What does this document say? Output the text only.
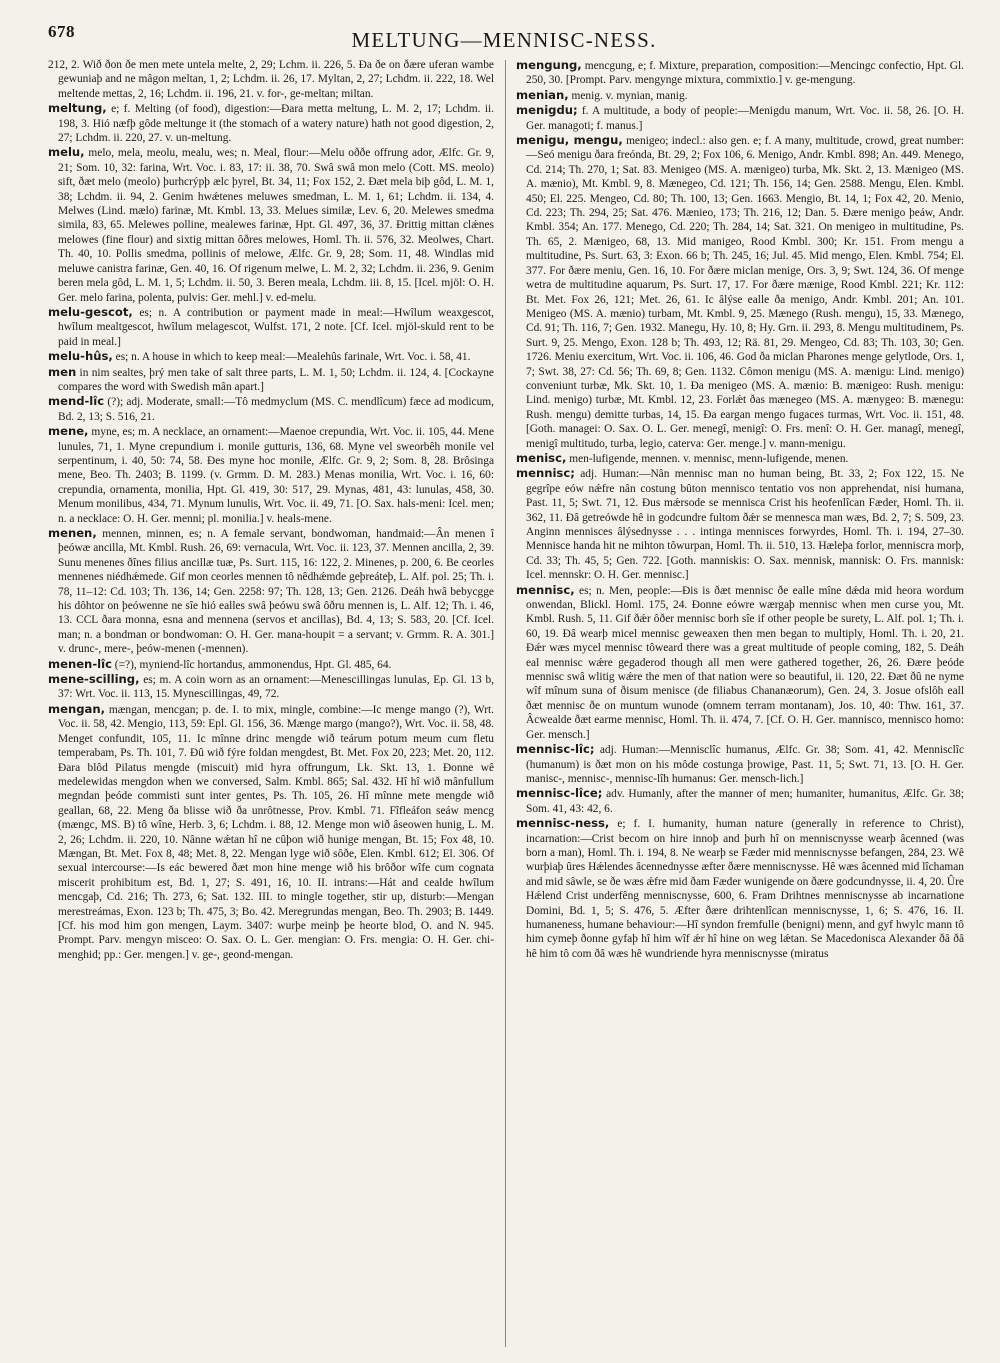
678	MELTUNG—MENNISC-NESS.

212, 2. Wið ðon ðe men mete untela melte, 2, 29; Lchm. ii. 226, 5. Ða ðe on ðære uferan wambe gewuniaþ and ne mâgon meltan, 1, 2; Lchdm. ii. 26, 17. Myltan, 2, 27; Lchdm. ii. 222, 18. Wel meltende mettas, 2, 16; Lchdm. ii. 196, 21. v. for-, ge-meltan; miltan.

meltung, e; f. Melting (of food), digestion:—Ðara metta meltung, L. M. 2, 17; Lchdm. ii. 198, 3. Hió næfþ gôde meltunge it (the stomach of a watery nature) hath not good digestion, 2, 27; Lchdm. ii. 220, 27. v. un-meltung.

melu, melo, mela, meolu, mealu, wes; n. Meal, flour:—Melu oððe offrung ador, Ælfc. Gr. 9, 21; Som. 10, 32: farina, Wrt. Voc. i. 83, 17: ii. 38, 70. Swâ swâ mon melo (Cott. MS. meolo) sift, ðæt melo (meolo) þurhcrýpþ ælc þyrel, Bt. 34, 11; Fox 152, 2. Ðæt mela biþ gôd, L. M. 1, 38; Lchdm. ii. 94, 2. Genim hwǽtenes meluwes smedman, L. M. 1, 61; Lchdm. ii. 134, 4. Melwes (Lind. mælo) farinæ, Mt. Kmbl. 13, 33. Melues similæ, Lev. 6, 20. Melewes smedma simila, 83, 65. Melewes polline, mealewes farinæ, Hpt. Gl. 497, 36, 37. Ðrittig mittan clǽnes melowes (fine flour) and sixtig mittan ôðres melowes, Homl. Th. ii. 576, 32. Meolwes, Chart. Th. 40, 10. Pollis smedma, pollinis of melowe, Ælfc. Gr. 9, 28; Som. 11, 48. Windlas mid meluwe canistra farinæ, Gen. 40, 16. Of rigenum melwe, L. M. 2, 32; Lchdm. ii. 236, 9. Genim beren mela gôd, L. M. 1, 5; Lchdm. ii. 50, 3. Beren meala, Lchdm. iii. 8, 15. [Icel. mjöl: O. H. Ger. melo farina, polenta, pulvis: Ger. mehl.] v. ed-melu.

melu-gescot, es; n. A contribution or payment made in meal:—Hwîlum weaxgescot, hwîlum mealtgescot, hwîlum melagescot, Wulfst. 171, 2 note. [Cf. Icel. mjöl-skuld rent to be paid in meal.]

melu-hûs, es; n. A house in which to keep meal:—Mealehûs farinale, Wrt. Voc. i. 58, 41.

men in nim sealtes, þrý men take of salt three parts, L. M. 1, 50; Lchdm. ii. 124, 4. [Cockayne compares the word with Swedish mân apart.]

mend-lîc (?); adj. Moderate, small:—Tô medmyclum (MS. C. mendlîcum) fæce ad modicum, Bd. 2, 13; S. 516, 21.

mene, myne, es; m. A necklace, an ornament:—Maenoe crepundia, Wrt. Voc. ii. 105, 44. Mene lunules, 71, 1. Myne crepundium i. monile gutturis, 136, 68. Myne vel sweorbêh monile vel serpentinum, i. 40, 50: 74, 58. Ðes myne hoc monile, Ælfc. Gr. 9, 2; Som. 8, 28. Brôsinga mene, Beo. Th. 2403; B. 1199. (v. Grmm. D. M. 283.) Menas monilia, Wrt. Voc. i. 16, 60: crepundia, ornamenta, monilia, Hpt. Gl. 419, 30: 517, 29. Mynas, 481, 43: lunulas, 458, 30. Menum monilibus, 434, 71. Mynum lunulis, Wrt. Voc. ii. 49, 71. [O. Sax. hals-meni: Icel. men; n. a necklace: O. H. Ger. menni; pl. monilia.] v. heals-mene.

menen, mennen, minnen, es; n. A female servant, bondwoman, handmaid:—Ân menen î þeówæ ancilla, Mt. Kmbl. Rush. 26, 69: vernacula, Wrt. Voc. ii. 123, 37. Mennen ancilla, 2, 39. Sunu menenes ðînes filius ancillæ tuæ, Ps. Surt. 115, 16: 122, 2. Minenes, p. 200, 6. Be ceorles mennenes niédhǽmede. Gif mon ceorles mennen tô nêdhǽmde geþreáteþ, L. Alf. pol. 25; Th. i. 78, 11–12: Cd. 103; Th. 136, 14; Gen. 2258: 97; Th. 128, 13; Gen. 2126. Deáh hwâ bebycgge his dôhtor on þeówenne ne sîe hió ealles swâ þeówu swâ ôðru mennen is, L. Alf. 12; Th. i. 46, 13. CCL ðara monna, esna and mennena (servos et ancillas), Bd. 4, 13; S. 583, 20. [Cf. Icel. man; n. a bondman or bondwoman: O. H. Ger. mana-houpit = a servant; v. Grmm. R. A. 301.] v. drunc-, mere-, þeów-menen (-mennen).

menen-lîc (=?), myniend-lîc hortandus, ammonendus, Hpt. Gl. 485, 64.

mene-scilling, es; m. A coin worn as an ornament:—Menescillingas lunulas, Ep. Gl. 13 b, 37: Wrt. Voc. ii. 113, 15. Mynescillingas, 49, 72.

mengan, mængan, mencgan; p. de. I. to mix, mingle, combine:—Ic menge mango (?), Wrt. Voc. ii. 58, 42. Mengio, 113, 59: Epl. Gl. 156, 36. Mænge margo (mango?), Wrt. Voc. ii. 58, 48. Menget confundit, 105, 11. Ic mînne drinc mengde wið teárum potum meum cum fletu temperabam, Ps. Th. 101, 7. Ðû wið fýre foldan mengdest, Bt. Met. Fox 20, 223; Met. 20, 112. Ðara blôd Pilatus mengde (miscuit) mid hyra offrungum, Lk. Skt. 13, 1. Ðonne wê medelewidas mengdon when we conversed, Salm. Kmbl. 865; Sal. 432. Hî hî wið mânfullum megndan þeóde commisti sunt inter gentes, Ps. Th. 105, 26. Hî mînne mete mengde wið geallan, 68, 22. Meng ða blisse wið ða unrôtnesse, Prov. Kmbl. 71. Fîfleáfon seáw mencg (mængc, MS. B) tô wîne, Herb. 3, 6; Lchdm. i. 88, 12. Menge mon wið âseowen hunig, L. M. 2, 26; Lchdm. ii. 220, 10. Nânne wǽtan hî ne cûþon wið hunige mengan, Bt. 15; Fox 48, 10. Mængan, Bt. Met. Fox 8, 48; Met. 8, 22. Mengan lyge wið sôðe, Elen. Kmbl. 612; El. 306. Of sexual intercourse:—Is eác bewered ðæt mon hine menge wið his brôðor wîfe cum cognata miscerit prohibitum est, Bd. 1, 27; S. 491, 16, 10. II. intrans:—Hát and cealde hwîlum mencgaþ, Cd. 216; Th. 273, 6; Sat. 132. III. to mingle together, stir up, disturb:—Mengan merestreámas, Exon. 123 b; Th. 475, 3; Bo. 42. Meregrundas mengan, Beo. Th. 2903; B. 1449. [Cf. his mod him gon mengen, Laym. 3407: wurþe meinþ þe heorte blod, O. and N. 945. Prompt. Parv. mengyn misceo: O. Sax. O. L. Ger. mengian: O. Frs. mengia: O. H. Ger. chi-menghid; pp.: Ger. mengen.] v. ge-, geond-mengan.

mengung, mencgung, e; f. Mixture, preparation, composition:—Mencingc confectio, Hpt. Gl. 250, 30. [Prompt. Parv. mengynge mixtura, commixtio.] v. ge-mengung.

menian, menig. v. mynian, manig.

menigdu; f. A multitude, a body of people:—Menigdu manum, Wrt. Voc. ii. 58, 26. [O. H. Ger. managoti; f. manus.]

menigu, mengu, menigeo; indecl.: also gen. e; f. A many, multitude, crowd, great number:—Seó menigu ðara freónda, Bt. 29, 2; Fox 106, 6. Menigo, Andr. Kmbl. 898; An. 449. Menego, Cd. 214; Th. 270, 1; Sat. 83. Menigeo (MS. A. mænigeo) turba, Mk. Skt. 2, 13. Mænigeo (MS. A. mænio), Mt. Kmbl. 9, 8. Mænegeo, Cd. 121; Th. 156, 14; Gen. 2588. Mengu, Elen. Kmbl. 450; El. 225. Mengeo, Cd. 80; Th. 100, 13; Gen. 1663. Mengio, Bt. 14, 1; Fox 42, 20. Menio, Cd. 223; Th. 294, 25; Sat. 476. Mænieo, 173; Th. 216, 12; Dan. 5. Ðære menigo þeáw, Andr. Kmbl. 354; An. 177. Menego, Cd. 220; Th. 284, 14; Sat. 321. On menigeo in multitudine, Ps. Th. 65, 2. Mænigeo, 68, 13. Mid manigeo, Rood Kmbl. 300; Kr. 151. From mengu a multitudine, Ps. Surt. 63, 3: Exon. 66 b; Th. 245, 16; Jul. 45. Mid mengo, Elen. Kmbl. 754; El. 377. For ðære meniu, Gen. 16, 10. For ðære miclan menige, Ors. 3, 9; Swt. 124, 36. Of menge wetra de multitudine aquarum, Ps. Surt. 17, 17. For ðære mænige, Rood Kmbl. 221; Kr. 112: Bt. Met. Fox 26, 121; Met. 26, 61. Ic âlýse ealle ða menigo, Andr. Kmbl. 201; An. 101. Menigeo (MS. A. mænio) turbam, Mt. Kmbl. 9, 25. Mænego (Rush. mengu), 15, 33. Mænego, Cd. 91; Th. 116, 7; Gen. 1932. Manegu, Hy. 10, 8; Hy. Grn. ii. 293, 8. Mengu multitudinem, Ps. Surt. 9, 25. Mengo, Exon. 128 b; Th. 493, 12; Rä. 81, 29. Mengeo, Cd. 83; Th. 103, 30; Gen. 1726. Meniu exercitum, Wrt. Voc. ii. 106, 46. God ða miclan Pharones menge gelytlode, Ors. 1, 7; Swt. 38, 27: Cd. 56; Th. 69, 8; Gen. 1132. Cômon menigu (MS. A. mænigu: Lind. menigo) conveniunt turbæ, Mk. Skt. 10, 1. Ða menigeo (MS. A. mænio: B. mænigeo: Rush. menigu: Lind. menigo) turbæ, Mt. Kmbl. 12, 23. Forlǽt ðas mænegeo (MS. A. mænygeo: B. mænegu: Rush. mengu) demitte turbas, 14, 15. Ða eargan mengo fugaces turmas, Wrt. Voc. ii. 151, 48. [Goth. managei: O. Sax. O. L. Ger. menegî, menigî: O. Frs. menî: O. H. Ger. managî, menegî, menigî multitudo, turba, legio, caterva: Ger. menge.] v. mann-menigu.

menisc, men-lufigende, mennen. v. mennisc, menn-lufigende, menen.

mennisc; adj. Human:—Nân mennisc man no human being, Bt. 33, 2; Fox 122, 15. Ne gegrîpe eów nǽfre nân costung bûton mennisco tentatio vos non apprehendat, nisi humana, Past. 11, 5; Swt. 71, 12. Ðus mǽrsode se mennisca Crist his heofenlîcan Fæder, Homl. Th. ii. 362, 11. Ðâ getreówde hê in godcundre fultom ðǽr se mennesca man wæs, Bd. 2, 7; S. 509, 23. Anginn mennisces âlýsednysse . . . intinga mennisces forwyrdes, Homl. Th. i. 194, 27–30. Mennisce handa hit ne mihton tôwurpan, Homl. Th. ii. 510, 13. Hæleþa forlor, menniscra morþ, Cd. 33; Th. 45, 5; Gen. 722. [Goth. manniskis: O. Sax. mennisk, mannisk: O. Frs. mannisk: Icel. mennskr: O. H. Ger. mennisc.]

mennisc, es; n. Men, people:—Ðis is ðæt mennisc ðe ealle mîne dǽda mid heora wordum onwendan, Blickl. Homl. 175, 24. Ðonne eówre wærgaþ mennisc when men curse you, Mt. Kmbl. Rush. 5, 11. Gif ðǽr ôðer mennisc borh sîe if other people be surety, L. Alf. pol. 1; Th. i. 60, 19. Ðâ wearþ micel mennisc geweaxen then men began to multiply, Homl. Th. i. 20, 21. Ðǽr wæs mycel mennisc tôweard there was a great multitude of people coming, 182, 5. Deáh eal mennisc wǽre gegaderod though all men were gathered together, 26, 26. Ðære þeóde mennisc swâ wlitig wǽre the men of that nation were so beautiful, ii. 120, 22. Ðæt ðû ne nyme wîf mînum suna of ðisum menisce (de filiabus Chananæorum), Gen. 24, 3. Josue ofslôh eall ðæt mennisc ðe on muntum wunode (omnem terram montanam), Jos. 10, 40: Thw. 161, 37. Âcwealde ðæt earme mennisc, Homl. Th. ii. 474, 7. [Cf. O. H. Ger. mannisco, mennisco homo: Ger. mensch.]

mennisc-lîc; adj. Human:—Mennisclîc humanus, Ælfc. Gr. 38; Som. 41, 42. Mennisclîc (humanum) is ðæt mon on his môde costunga þrowige, Past. 11, 5; Swt. 71, 13. [O. H. Ger. manisc-, mennisc-, mennisc-lîh humanus: Ger. mensch-lich.]

mennisc-lîce; adv. Humanly, after the manner of men; humaniter, humanitus, Ælfc. Gr. 38; Som. 41, 43: 42, 6.

mennisc-ness, e; f. I. humanity, human nature (generally in reference to Christ), incarnation:—Crist becom on hire innoþ and þurh hî on menniscnysse wearþ âcenned (was born a man), Homl. Th. i. 194, 8. Ne wearþ se Fæder mid menniscnysse befangen, 284, 23. Wê wurþiaþ ûres Hǽlendes âcennednysse æfter ðære menniscnysse. Hê wæs âcenned mid lîchaman and mid sâwle, se ðe wæs ǽfre mid ðam Fæder wunigende on ðære godcundnysse, ii. 4, 20. Ûre Hǽlend Crist underfêng menniscnysse, 600, 6. Fram Drihtnes menniscnysse ab incarnatione Domini, Bd. 1, 5; S. 476, 5. Æfter ðære drihtenlîcan menniscnysse, 1, 6; S. 476, 16. II. humaneness, humane behaviour:—Hî syndon fremfulle (benigni) menn, and gyf hwylc mann tô him cymeþ ðonne gyfaþ hî him wîf ǽr hî hine on weg lǽtan. Se Macedonisca Alexander ðâ ðâ hê him tô com ðâ wæs hê wundriende hyra menniscnysse (miratus
